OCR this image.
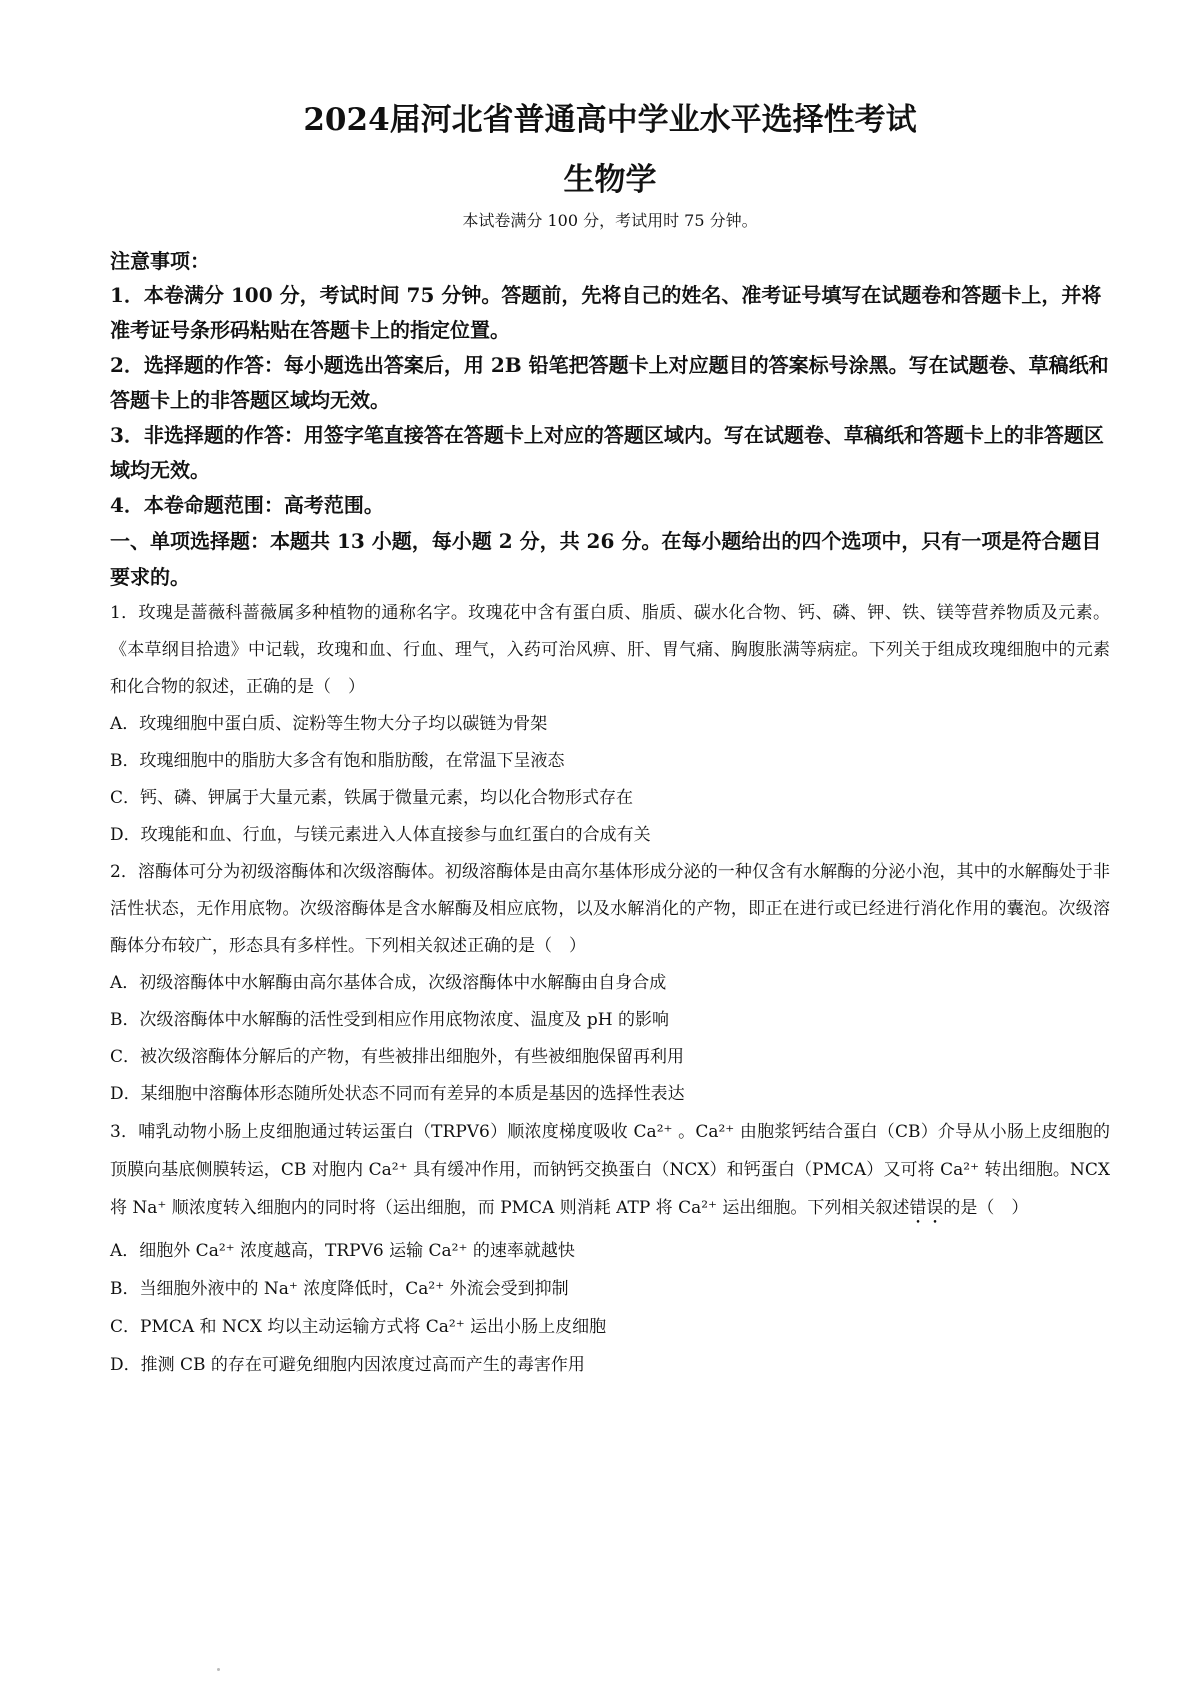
2024届河北省普通高中学业水平选择性考试
生物学
本试卷满分 100 分，考试用时 75 分钟。
注意事项：
1．本卷满分 100 分，考试时间 75 分钟。答题前，先将自己的姓名、准考证号填写在试题卷和答题卡上，并将准考证号条形码粘贴在答题卡上的指定位置。
2．选择题的作答：每小题选出答案后，用 2B 铅笔把答题卡上对应题目的答案标号涂黑。写在试题卷、草稿纸和答题卡上的非答题区域均无效。
3．非选择题的作答：用签字笔直接答在答题卡上对应的答题区域内。写在试题卷、草稿纸和答题卡上的非答题区域均无效。
4．本卷命题范围：高考范围。
一、单项选择题：本题共 13 小题，每小题 2 分，共 26 分。在每小题给出的四个选项中，只有一项是符合题目要求的。
1．玫瑰是蔷薇科蔷薇属多种植物的通称名字。玫瑰花中含有蛋白质、脂质、碳水化合物、钙、磷、钾、铁、镁等营养物质及元素。《本草纲目拾遗》中记载，玫瑰和血、行血、理气，入药可治风痹、肝、胃气痛、胸腹胀满等病症。下列关于组成玫瑰细胞中的元素和化合物的叙述，正确的是（　）
A．玫瑰细胞中蛋白质、淀粉等生物大分子均以碳链为骨架
B．玫瑰细胞中的脂肪大多含有饱和脂肪酸，在常温下呈液态
C．钙、磷、钾属于大量元素，铁属于微量元素，均以化合物形式存在
D．玫瑰能和血、行血，与镁元素进入人体直接参与血红蛋白的合成有关
2．溶酶体可分为初级溶酶体和次级溶酶体。初级溶酶体是由高尔基体形成分泌的一种仅含有水解酶的分泌小泡，其中的水解酶处于非活性状态，无作用底物。次级溶酶体是含水解酶及相应底物，以及水解消化的产物，即正在进行或已经进行消化作用的囊泡。次级溶酶体分布较广，形态具有多样性。下列相关叙述正确的是（　）
A．初级溶酶体中水解酶由高尔基体合成，次级溶酶体中水解酶由自身合成
B．次级溶酶体中水解酶的活性受到相应作用底物浓度、温度及 pH 的影响
C．被次级溶酶体分解后的产物，有些被排出细胞外，有些被细胞保留再利用
D．某细胞中溶酶体形态随所处状态不同而有差异的本质是基因的选择性表达
3．哺乳动物小肠上皮细胞通过转运蛋白（TRPV6）顺浓度梯度吸收 Ca²⁺ 。Ca²⁺ 由胞浆钙结合蛋白（CB）介导从小肠上皮细胞的顶膜向基底侧膜转运，CB 对胞内 Ca²⁺ 具有缓冲作用，而钠钙交换蛋白（NCX）和钙蛋白（PMCA）又可将 Ca²⁺ 转出细胞。NCX 将 Na⁺ 顺浓度转入细胞内的同时将（运出细胞，而 PMCA 则消耗 ATP 将 Ca²⁺ 运出细胞。下列相关叙述错误的是（　）
A．细胞外 Ca²⁺ 浓度越高，TRPV6 运输 Ca²⁺ 的速率就越快
B．当细胞外液中的 Na⁺ 浓度降低时，Ca²⁺ 外流会受到抑制
C．PMCA 和 NCX 均以主动运输方式将 Ca²⁺ 运出小肠上皮细胞
D．推测 CB 的存在可避免细胞内因浓度过高而产生的毒害作用
